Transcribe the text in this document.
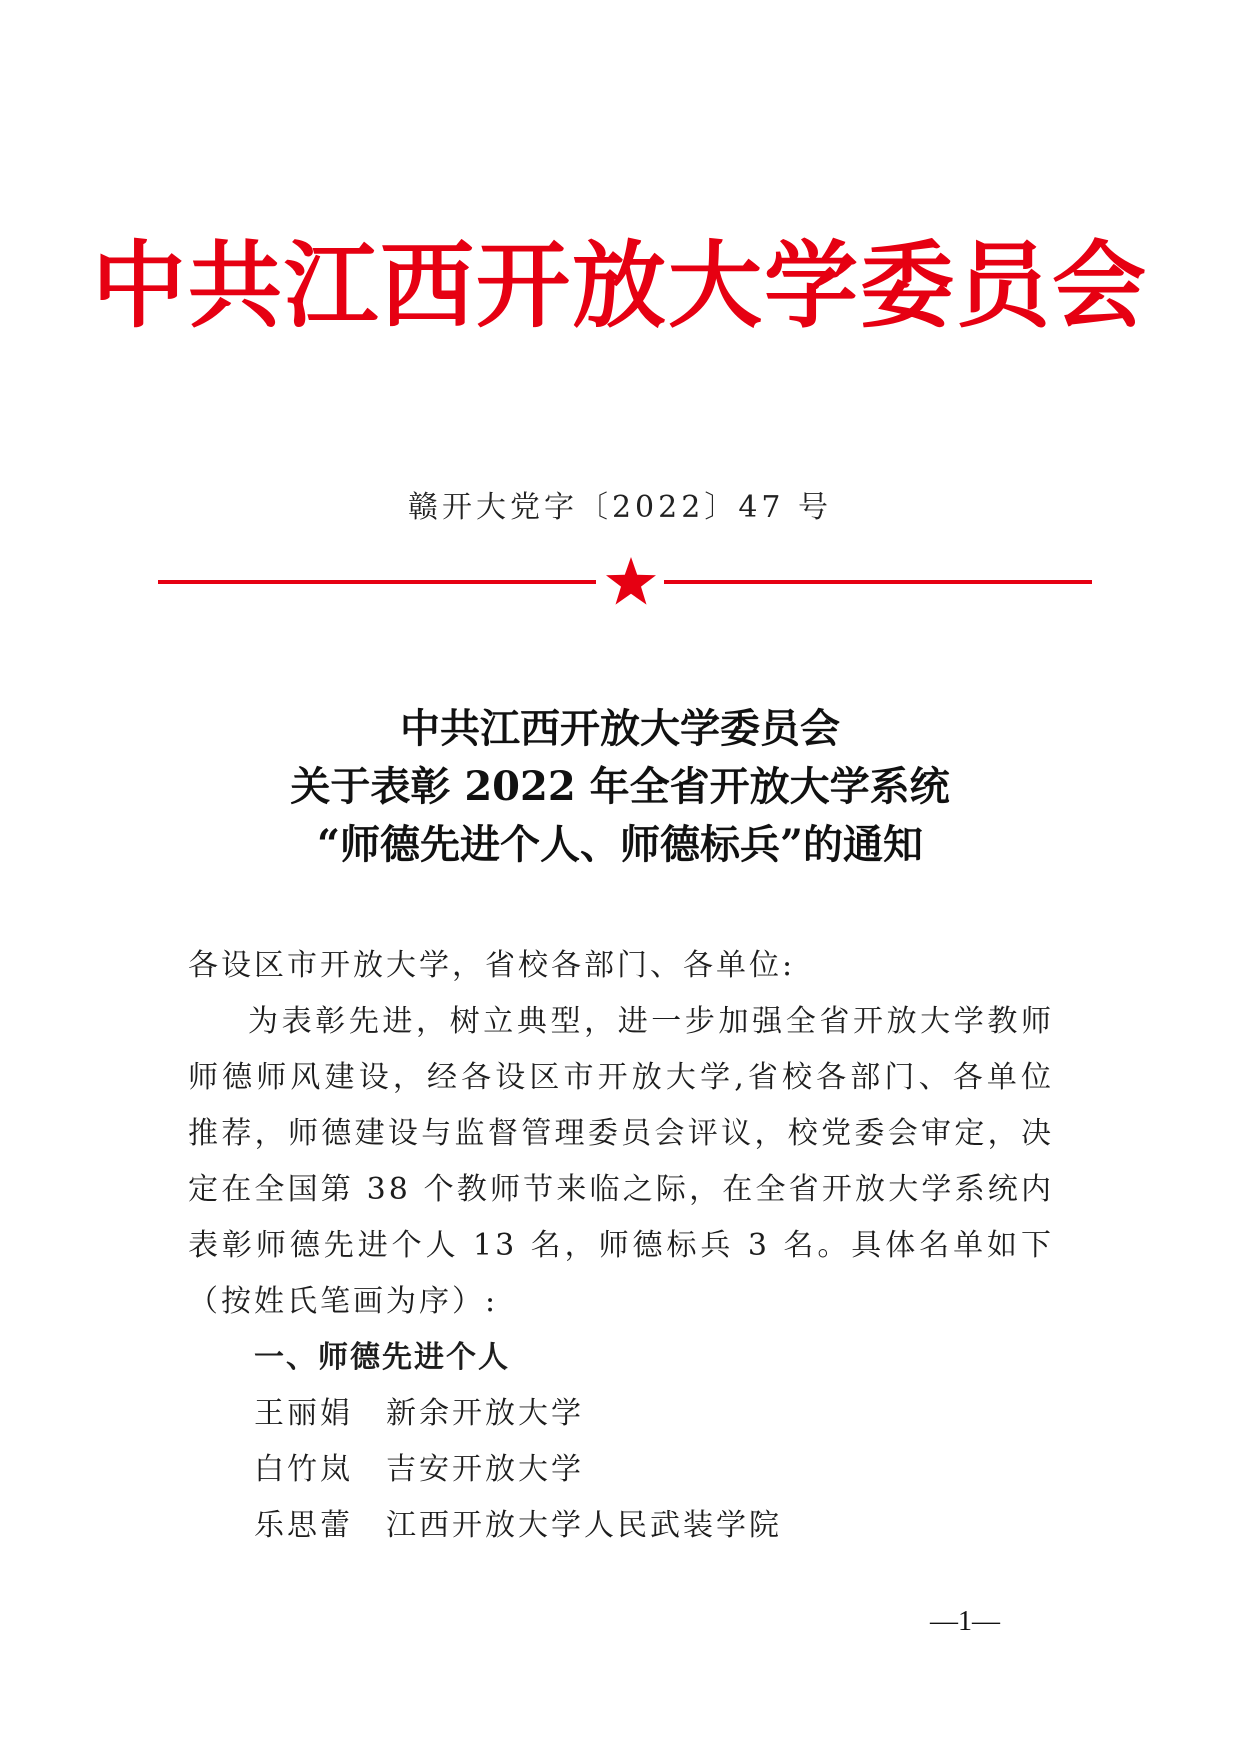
中共江西开放大学委员会
赣开大党字〔2022〕47 号
中共江西开放大学委员会
关于表彰 2022 年全省开放大学系统
“师德先进个人、师德标兵”的通知

各设区市开放大学，省校各部门、各单位:

为表彰先进，树立典型，进一步加强全省开放大学教师师德师风建设，经各设区市开放大学,省校各部门、各单位推荐，师德建设与监督管理委员会评议，校党委会审定，决定在全国第 38 个教师节来临之际，在全省开放大学系统内表彰师德先进个人 13 名，师德标兵 3 名。具体名单如下（按姓氏笔画为序）:

一、师德先进个人

王丽娟 新余开放大学

白竹岚 吉安开放大学

乐思蕾 江西开放大学人民武装学院

—1—
